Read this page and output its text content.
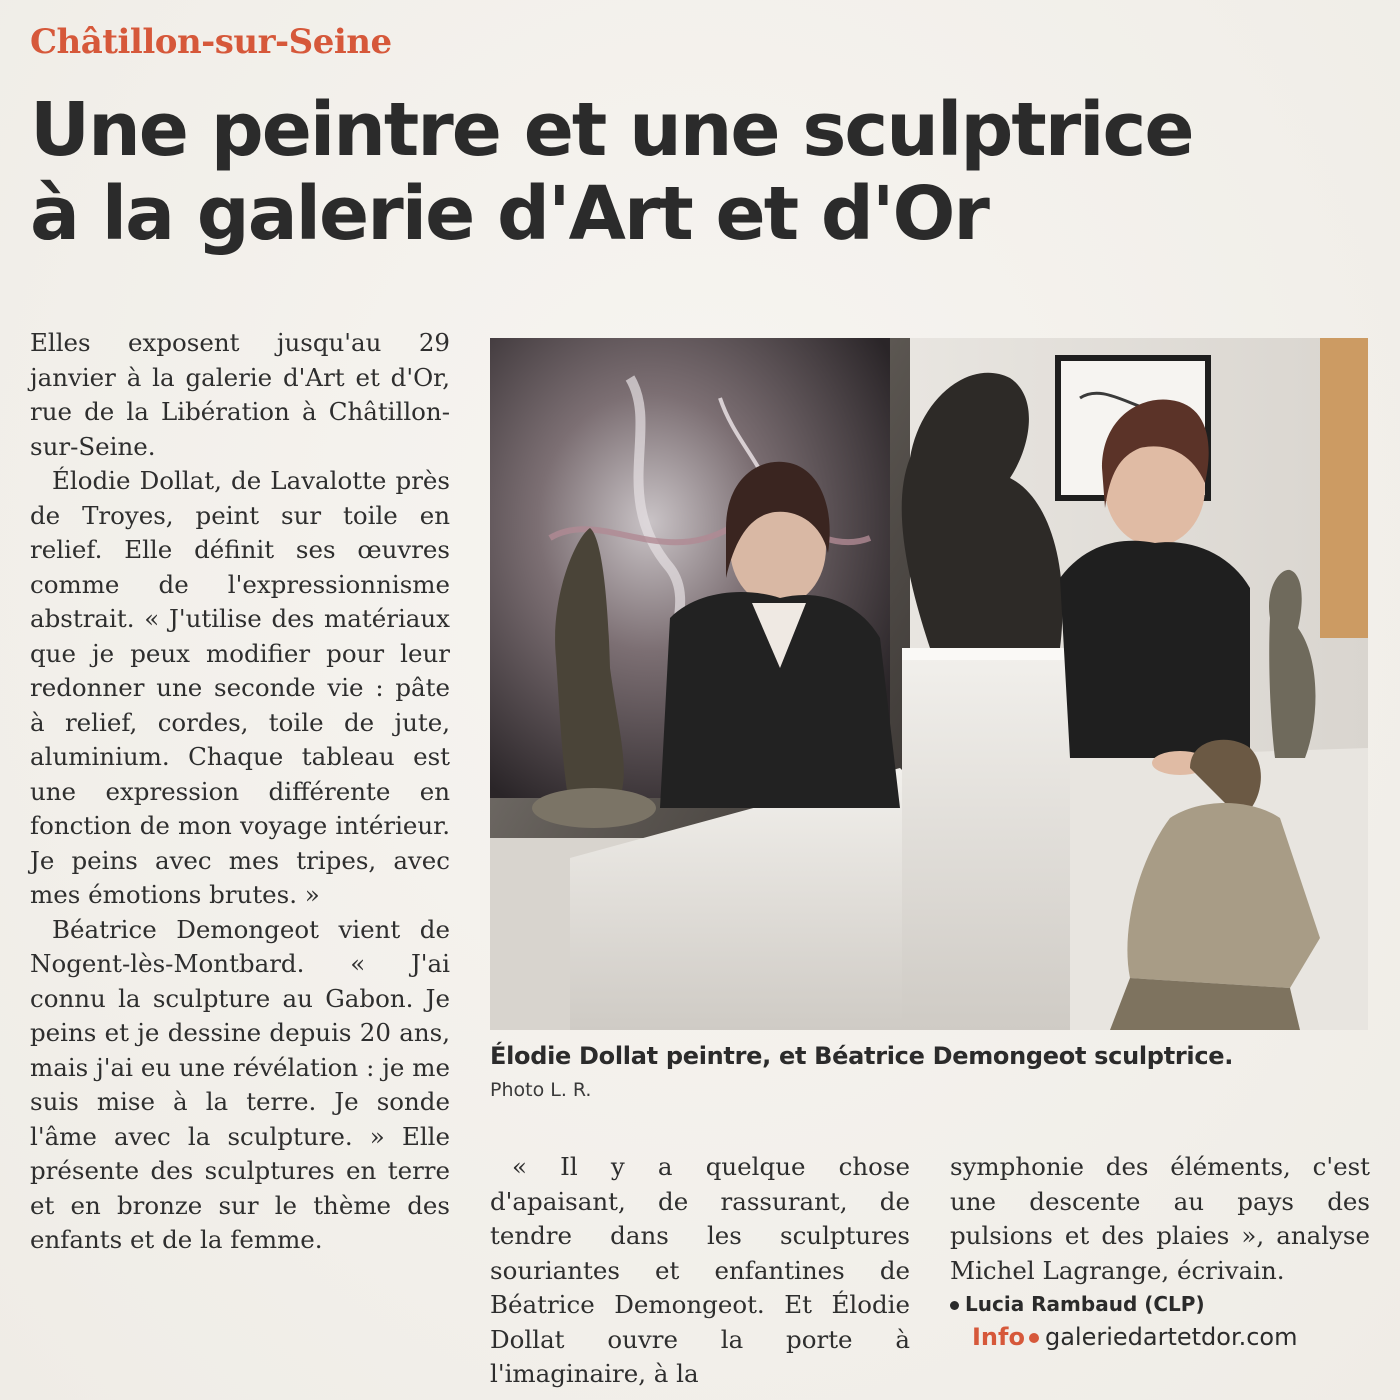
Châtillon-sur-Seine
Une peintre et une sculptrice
à la galerie d'Art et d'Or

Elles exposent jusqu'au 29 janvier à la galerie d'Art et d'Or, rue de la Libération à Châtillon-sur-Seine.

Élodie Dollat, de Lavalotte près de Troyes, peint sur toile en relief. Elle définit ses œuvres comme de l'expressionnisme abstrait. « J'utilise des matériaux que je peux modifier pour leur redonner une seconde vie : pâte à relief, cordes, toile de jute, aluminium. Chaque tableau est une expression différente en fonction de mon voyage intérieur. Je peins avec mes tripes, avec mes émotions brutes. »

Béatrice Demongeot vient de Nogent-lès-Montbard. « J'ai connu la sculpture au Gabon. Je peins et je dessine depuis 20 ans, mais j'ai eu une révélation : je me suis mise à la terre. Je sonde l'âme avec la sculpture. » Elle présente des sculptures en terre et en bronze sur le thème des enfants et de la femme.

Élodie Dollat peintre, et Béatrice Demongeot sculptrice.
Photo L. R.

« Il y a quelque chose d'apaisant, de rassurant, de tendre dans les sculptures souriantes et enfantines de Béatrice Demongeot. Et Élodie Dollat ouvre la porte à l'imaginaire, à la

symphonie des éléments, c'est une descente au pays des pulsions et des plaies », analyse Michel Lagrange, écrivain.

Lucia Rambaud (CLP)
Info galeriedartetdor.com
